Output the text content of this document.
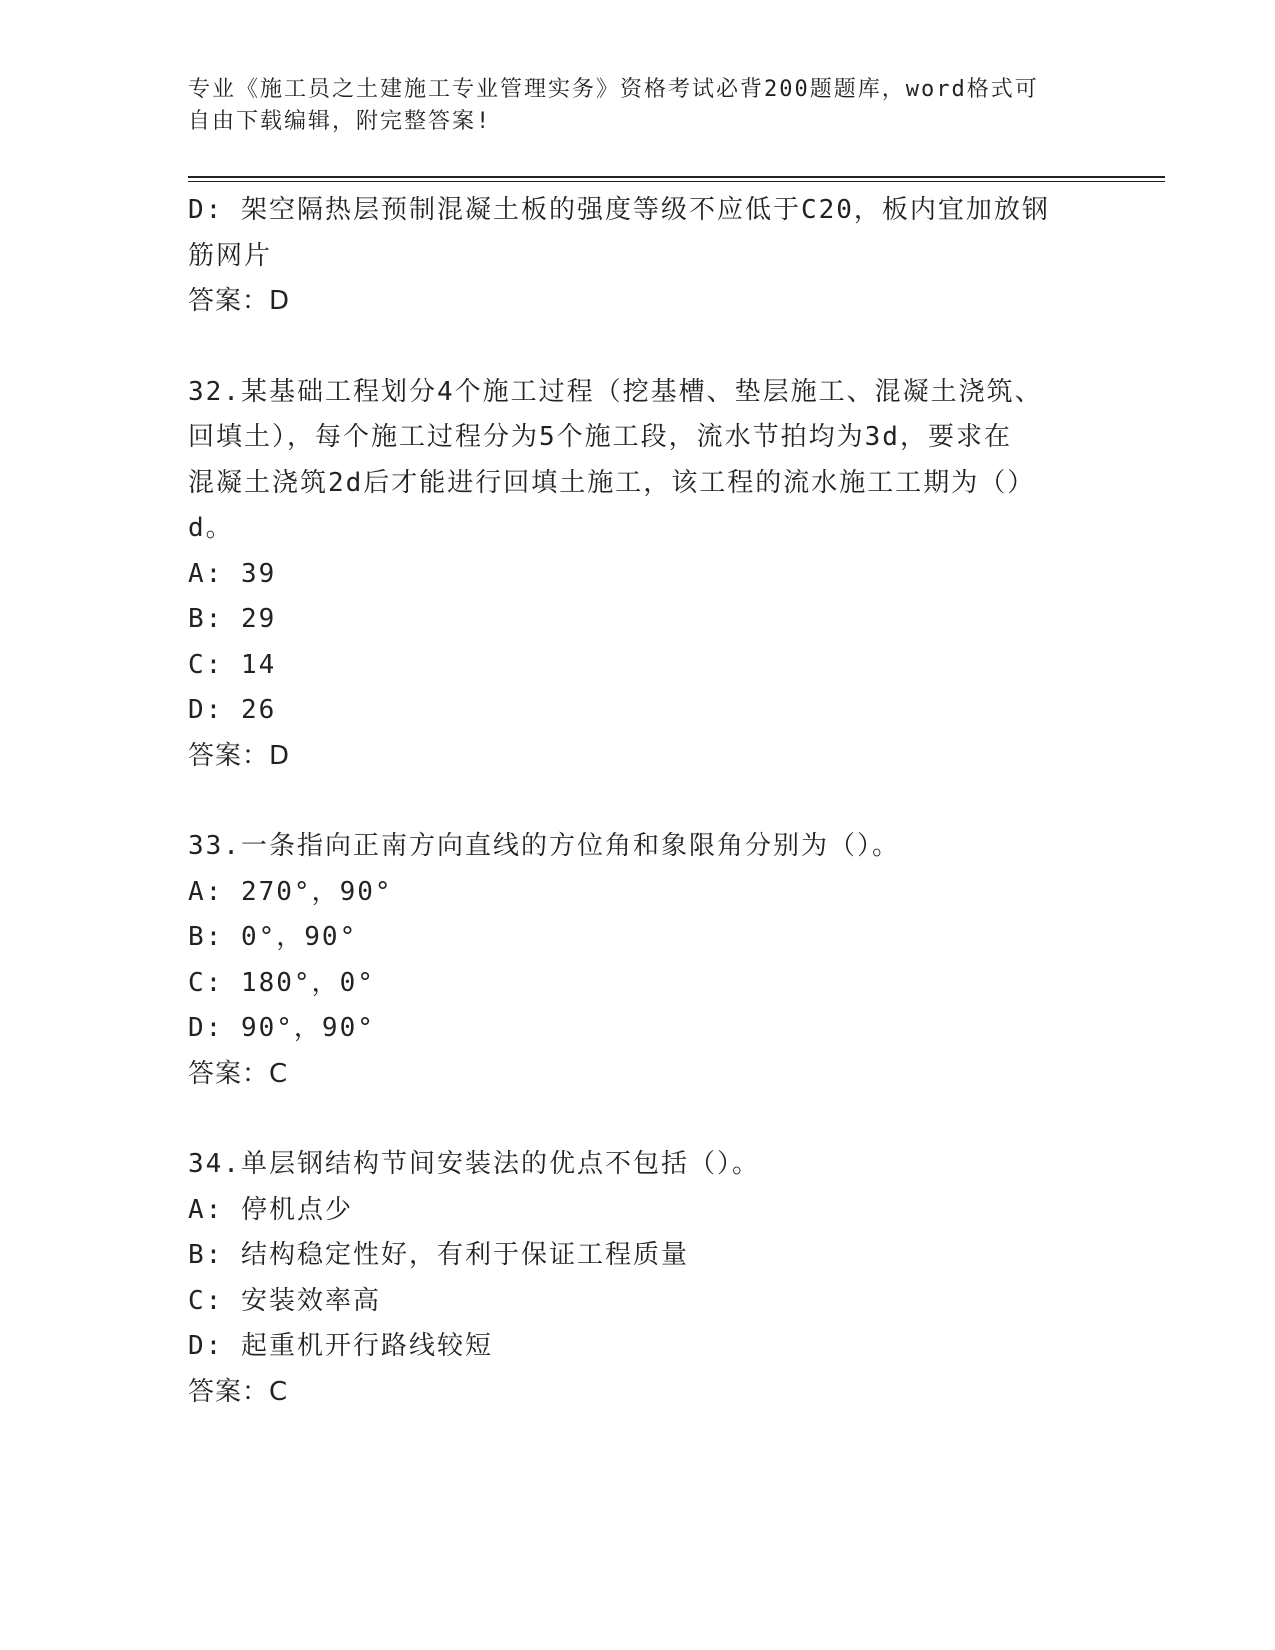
专业《施工员之土建施工专业管理实务》资格考试必背200题题库，word格式可
自由下载编辑，附完整答案!
D: 架空隔热层预制混凝土板的强度等级不应低于C20，板内宜加放钢
筋网片
答案：D
32.某基础工程划分4个施工过程（挖基槽、垫层施工、混凝土浇筑、
回填土），每个施工过程分为5个施工段，流水节拍均为3d，要求在
混凝土浇筑2d后才能进行回填土施工，该工程的流水施工工期为（）
d。
A: 39
B: 29
C: 14
D: 26
答案：D
33.一条指向正南方向直线的方位角和象限角分别为（）。
A: 270°，90°
B: 0°，90°
C: 180°，0°
D: 90°，90°
答案：C
34.单层钢结构节间安装法的优点不包括（）。
A: 停机点少
B: 结构稳定性好，有利于保证工程质量
C: 安装效率高
D: 起重机开行路线较短
答案：C
